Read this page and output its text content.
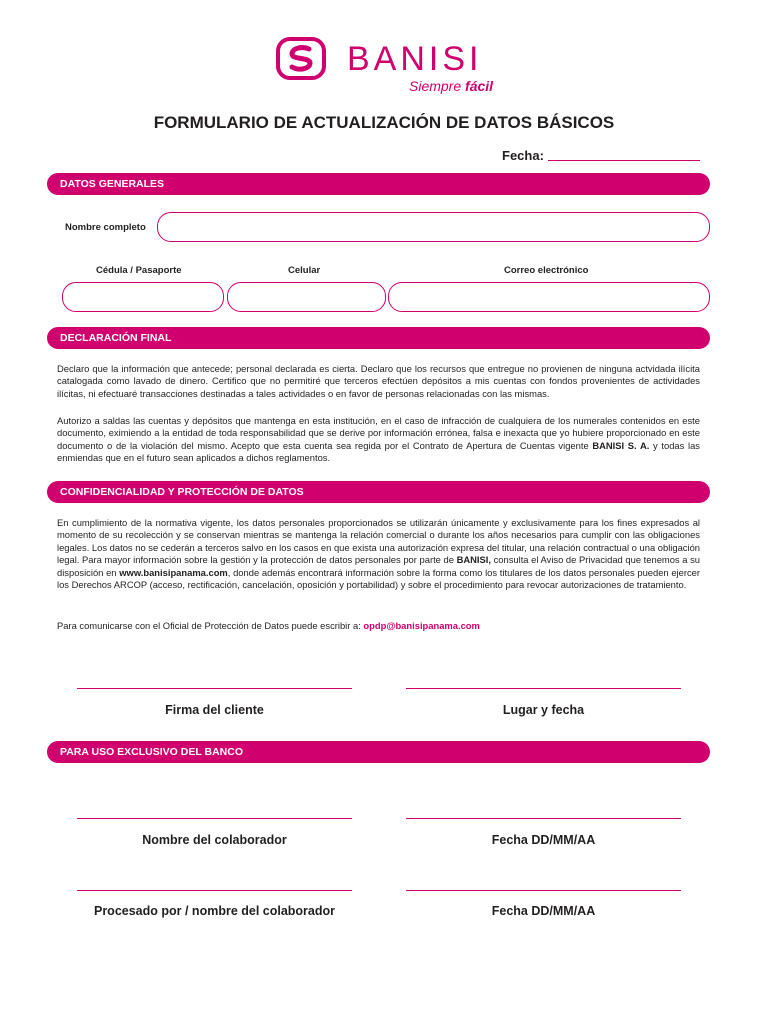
BANISI
Siempre fácil
FORMULARIO DE ACTUALIZACIÓN DE DATOS BÁSICOS
Fecha:
DATOS GENERALES
Nombre completo
Cédula / Pasaporte	Celular	Correo electrónico
DECLARACIÓN FINAL

Declaro que la información que antecede; personal declarada es cierta. Declaro que los recursos que entregue no provienen de ninguna actvidada ilícita catalogada como lavado de dinero. Certifico que no permitiré que terceros efectúen depósitos a mis cuentas con fondos provenientes de actividades ilícitas, ni efectuaré transacciones destinadas a tales actividades o en favor de personas relacionadas con las mismas.

Autorizo a saldas las cuentas y depósitos que mantenga en esta institución, en el caso de infracción de cualquiera de los numerales contenidos en este documento, eximiendo a la entidad de toda responsabilidad que se derive por información errónea, falsa e inexacta que yo hubiere proporcionado en este documento o de la violación del mismo. Acepto que esta cuenta sea regida por el Contrato de Apertura de Cuentas vigente BANISI S. A. y todas las enmiendas que en el futuro sean aplicados a dichos reglamentos.

CONFIDENCIALIDAD Y PROTECCIÓN DE DATOS

En cumplimiento de la normativa vigente, los datos personales proporcionados se utilizarán únicamente y exclusivamente para los fines expresados al momento de su recolección y se conservan mientras se mantenga la relación comercial o durante los años necesarios para cumplir con las obligaciones legales. Los datos no se cederán a terceros salvo en los casos en que exista una autorización expresa del titular, una relación contractual o una obligación legal. Para mayor información sobre la gestión y la protección de datos personales por parte de BANISI, consulta el Aviso de Privacidad que tenemos a su disposición en www.banisipanama.com, donde además encontrará información sobre la forma como los titulares de los datos personales pueden ejercer los Derechos ARCOP (acceso, rectificación, cancelación, oposición y portabilidad) y sobre el procedimiento para revocar autorizaciones de tratamiento.

Para comunicarse con el Oficial de Protección de Datos puede escribir a: opdp@banisipanama.com

Firma del cliente	Lugar y fecha
PARA USO EXCLUSIVO DEL BANCO
Nombre del colaborador	Fecha DD/MM/AA
Procesado por / nombre del colaborador	Fecha DD/MM/AA
